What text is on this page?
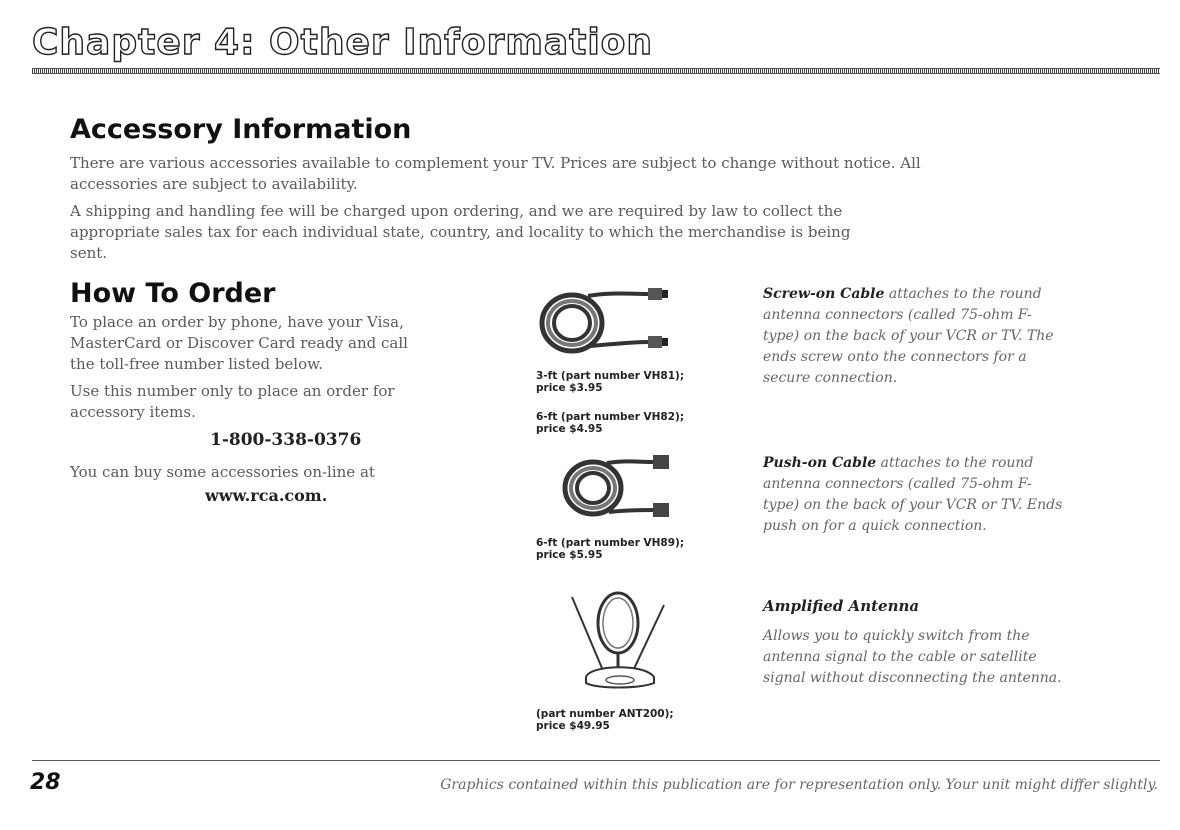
Chapter 4: Other Information
Accessory Information

There are various accessories available to complement your TV. Prices are subject to change without notice. All accessories are subject to availability.

A shipping and handling fee will be charged upon ordering, and we are required by law to collect the appropriate sales tax for each individual state, country, and locality to which the merchandise is being sent.

How To Order

To place an order by phone, have your Visa, MasterCard or Discover Card ready and call the toll-free number listed below.

Use this number only to place an order for accessory items.

1-800-338-0376

You can buy some accessories on-line at

www.rca.com.

3-ft (part number VH81);
price $3.95

6-ft (part number VH82);
price $4.95

Screw-on Cable attaches to the round antenna connectors (called 75-ohm F-type) on the back of your VCR or TV. The ends screw onto the connectors for a secure connection.

6-ft (part number VH89);
price $5.95

Push-on Cable attaches to the round antenna connectors (called 75-ohm F-type) on the back of your VCR or TV. Ends push on for a quick connection.

(part number ANT200);
price $49.95

Amplified Antenna

Allows you to quickly switch from the antenna signal to the cable or satellite signal without disconnecting the antenna.

28	Graphics contained within this publication are for representation only. Your unit might differ slightly.
